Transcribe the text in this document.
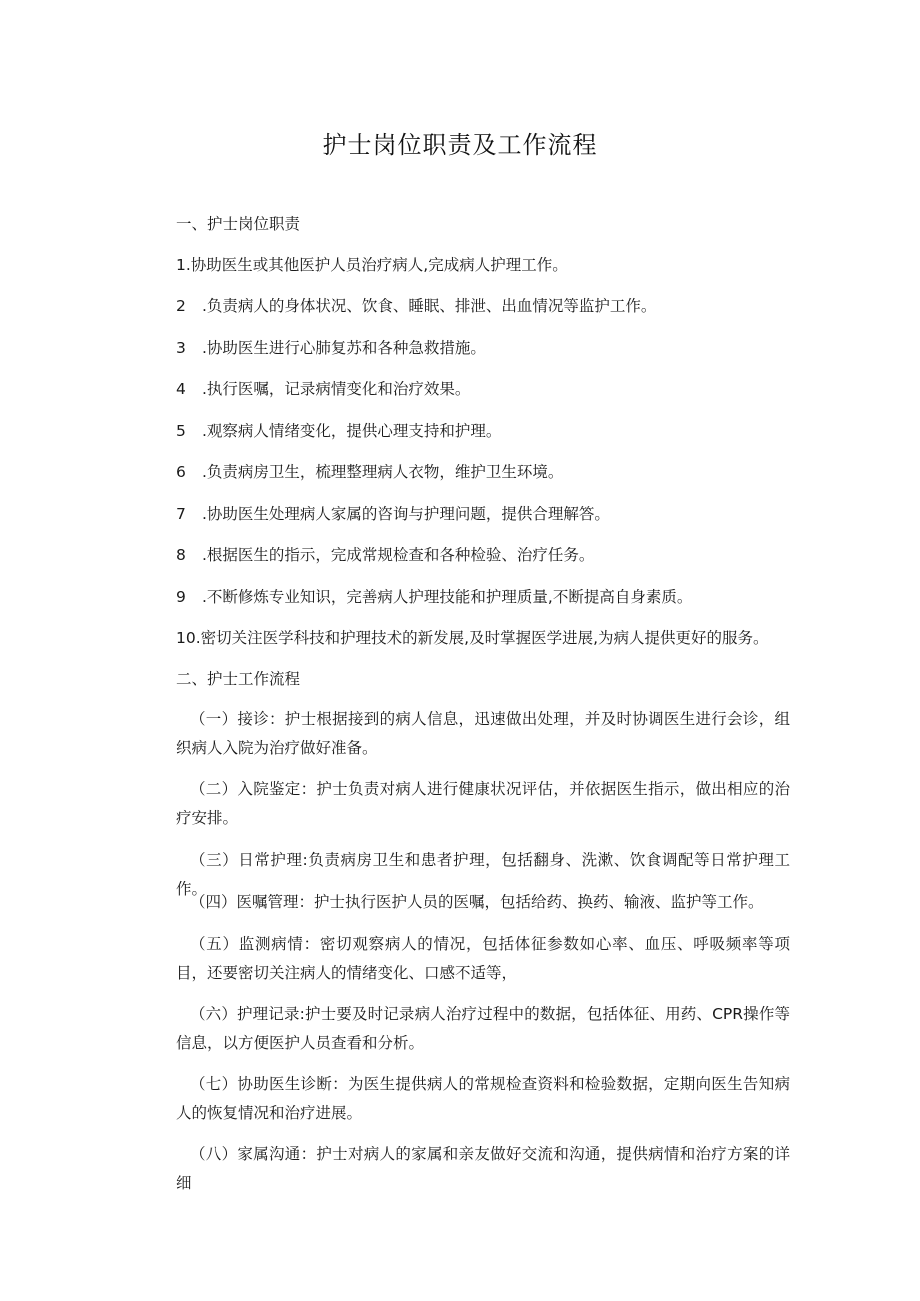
护士岗位职责及工作流程
一、护士岗位职责
1.协助医生或其他医护人员治疗病人,完成病人护理工作。
2 .负责病人的身体状况、饮食、睡眠、排泄、出血情况等监护工作。
3 .协助医生进行心肺复苏和各种急救措施。
4 .执行医嘱，记录病情变化和治疗效果。
5 .观察病人情绪变化，提供心理支持和护理。
6 .负责病房卫生，梳理整理病人衣物，维护卫生环境。
7 .协助医生处理病人家属的咨询与护理问题，提供合理解答。
8 .根据医生的指示，完成常规检查和各种检验、治疗任务。
9 .不断修炼专业知识，完善病人护理技能和护理质量,不断提高自身素质。
10.密切关注医学科技和护理技术的新发展,及时掌握医学进展,为病人提供更好的服务。
二、护士工作流程
（一）接诊：护士根据接到的病人信息，迅速做出处理，并及时协调医生进行会诊，组织病人入院为治疗做好准备。
（二）入院鉴定：护士负责对病人进行健康状况评估，并依据医生指示，做出相应的治疗安排。
（三）日常护理:负责病房卫生和患者护理，包括翻身、洗漱、饮食调配等日常护理工作。
（四）医嘱管理：护士执行医护人员的医嘱，包括给药、换药、输液、监护等工作。
（五）监测病情：密切观察病人的情况，包括体征参数如心率、血压、呼吸频率等项目，还要密切关注病人的情绪变化、口感不适等，
（六）护理记录:护士要及时记录病人治疗过程中的数据，包括体征、用药、CPR操作等信息，以方便医护人员查看和分析。
（七）协助医生诊断：为医生提供病人的常规检查资料和检验数据，定期向医生告知病人的恢复情况和治疗进展。
（八）家属沟通：护士对病人的家属和亲友做好交流和沟通，提供病情和治疗方案的详细
